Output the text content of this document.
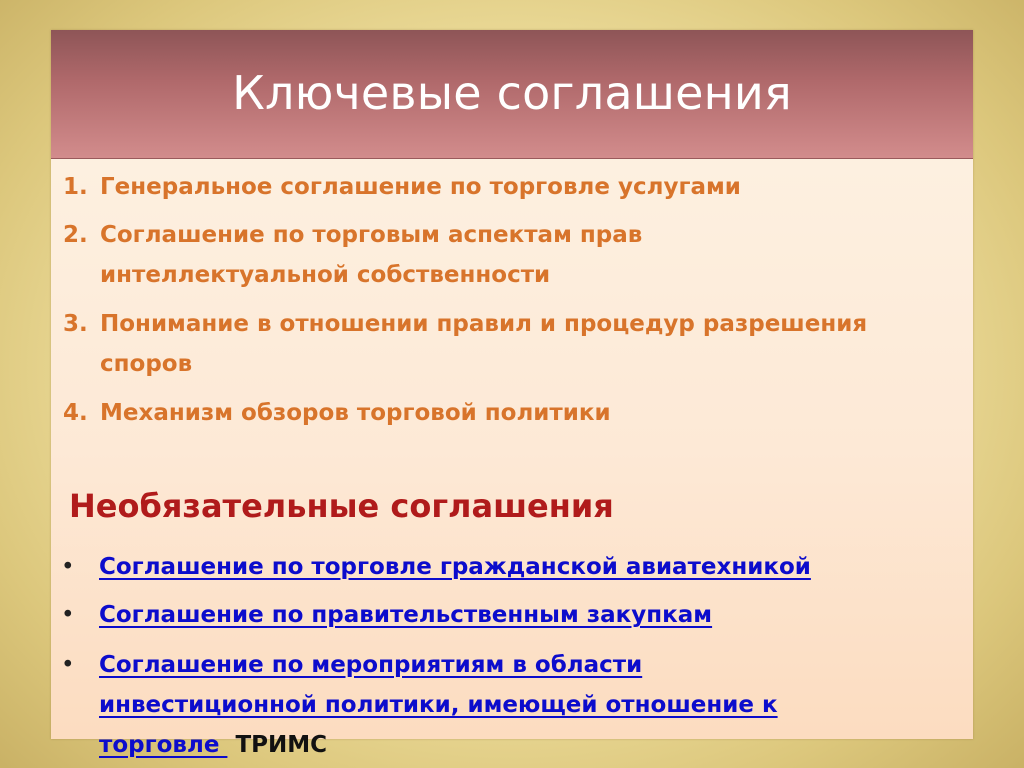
Ключевые соглашения
1. Генеральное соглашение по торговле услугами
2. Соглашение по торговым аспектам прав
интеллектуальной собственности
3. Понимание в отношении правил и процедур разрешения
споров
4. Механизм обзоров торговой политики
Необязательные соглашения
• Соглашение по торговле гражданской авиатехникой
• Соглашение по правительственным закупкам
• Соглашение по мероприятиям в области
инвестиционной политики, имеющей отношение к
торговле  ТРИМС
